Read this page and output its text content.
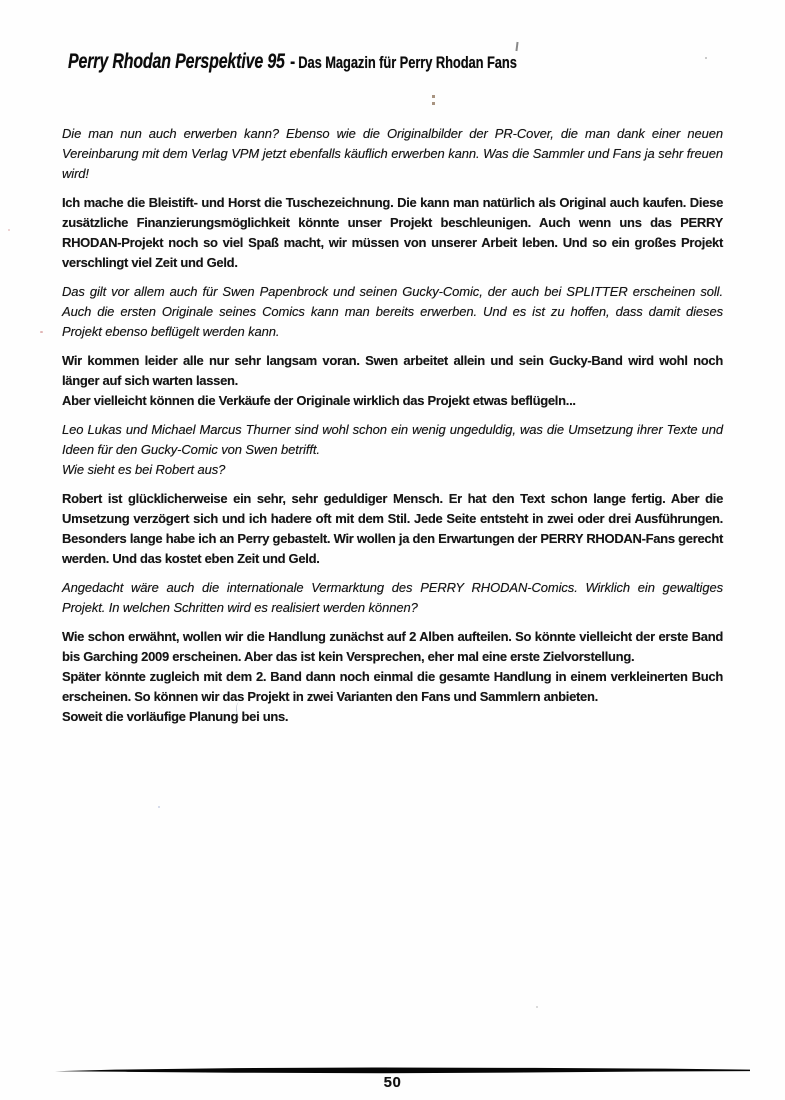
Perry Rhodan Perspektive 95 - Das Magazin für Perry Rhodan Fans

Die man nun auch erwerben kann? Ebenso wie die Originalbilder der PR-Cover, die man dank einer neuen Vereinbarung mit dem Verlag VPM jetzt ebenfalls käuflich erwerben kann. Was die Sammler und Fans ja sehr freuen wird!

Ich mache die Bleistift- und Horst die Tuschezeichnung. Die kann man natürlich als Original auch kaufen. Diese zusätzliche Finanzierungsmöglichkeit könnte unser Projekt beschleunigen. Auch wenn uns das PERRY RHODAN-Projekt noch so viel Spaß macht, wir müssen von unserer Arbeit leben. Und so ein großes Projekt verschlingt viel Zeit und Geld.

Das gilt vor allem auch für Swen Papenbrock und seinen Gucky-Comic, der auch bei SPLITTER erscheinen soll. Auch die ersten Originale seines Comics kann man bereits erwerben. Und es ist zu hoffen, dass damit dieses Projekt ebenso beflügelt werden kann.

Wir kommen leider alle nur sehr langsam voran. Swen arbeitet allein und sein Gucky-Band wird wohl noch länger auf sich warten lassen.
Aber vielleicht können die Verkäufe der Originale wirklich das Projekt etwas beflügeln...

Leo Lukas und Michael Marcus Thurner sind wohl schon ein wenig ungeduldig, was die Umsetzung ihrer Texte und Ideen für den Gucky-Comic von Swen betrifft.
Wie sieht es bei Robert aus?

Robert ist glücklicherweise ein sehr, sehr geduldiger Mensch. Er hat den Text schon lange fertig. Aber die Umsetzung verzögert sich und ich hadere oft mit dem Stil. Jede Seite entsteht in zwei oder drei Ausführungen. Besonders lange habe ich an Perry gebastelt. Wir wollen ja den Erwartungen der PERRY RHODAN-Fans gerecht werden. Und das kostet eben Zeit und Geld.

Angedacht wäre auch die internationale Vermarktung des PERRY RHODAN-Comics. Wirklich ein gewaltiges Projekt. In welchen Schritten wird es realisiert werden können?

Wie schon erwähnt, wollen wir die Handlung zunächst auf 2 Alben aufteilen. So könnte vielleicht der erste Band bis Garching 2009 erscheinen. Aber das ist kein Versprechen, eher mal eine erste Zielvorstellung.
Später könnte zugleich mit dem 2. Band dann noch einmal die gesamte Handlung in einem verkleinerten Buch erscheinen. So können wir das Projekt in zwei Varianten den Fans und Sammlern anbieten.
Soweit die vorläufige Planung bei uns.

50
